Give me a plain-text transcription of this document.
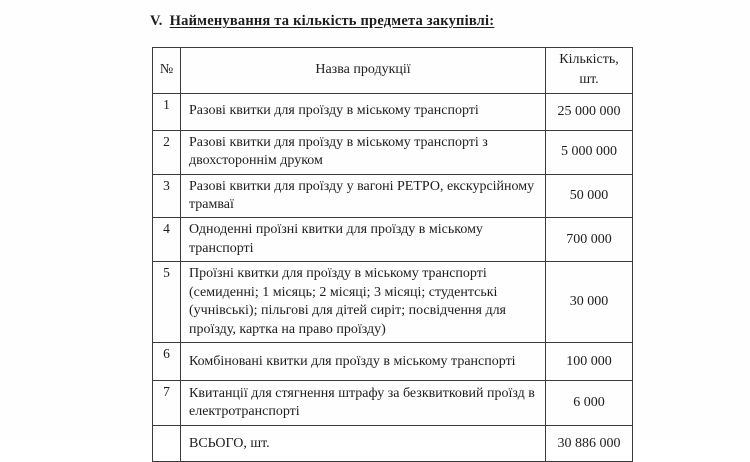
V. Найменування та кількість предмета закупівлі:
№	Назва продукції	Кількість, шт.
1	Разові квитки для проїзду в міському транспорті	25 000 000
2	Разові квитки для проїзду в міському транспорті з двохстороннім друком	5 000 000
3	Разові квитки для проїзду у вагоні РЕТРО, екскурсійному трамваї	50 000
4	Одноденні проїзні квитки для проїзду в міському транспорті	700 000
5	Проїзні квитки для проїзду в міському транспорті (семиденні; 1 місяць; 2 місяці; 3 місяці; студентські (учнівські); пільгові для дітей сиріт; посвідчення для проїзду, картка на право проїзду)	30 000
6	Комбіновані квитки для проїзду в міському транспорті	100 000
7	Квитанції для стягнення штрафу за безквитковий проїзд в електротранспорті	6 000
	ВСЬОГО, шт.	30 886 000
